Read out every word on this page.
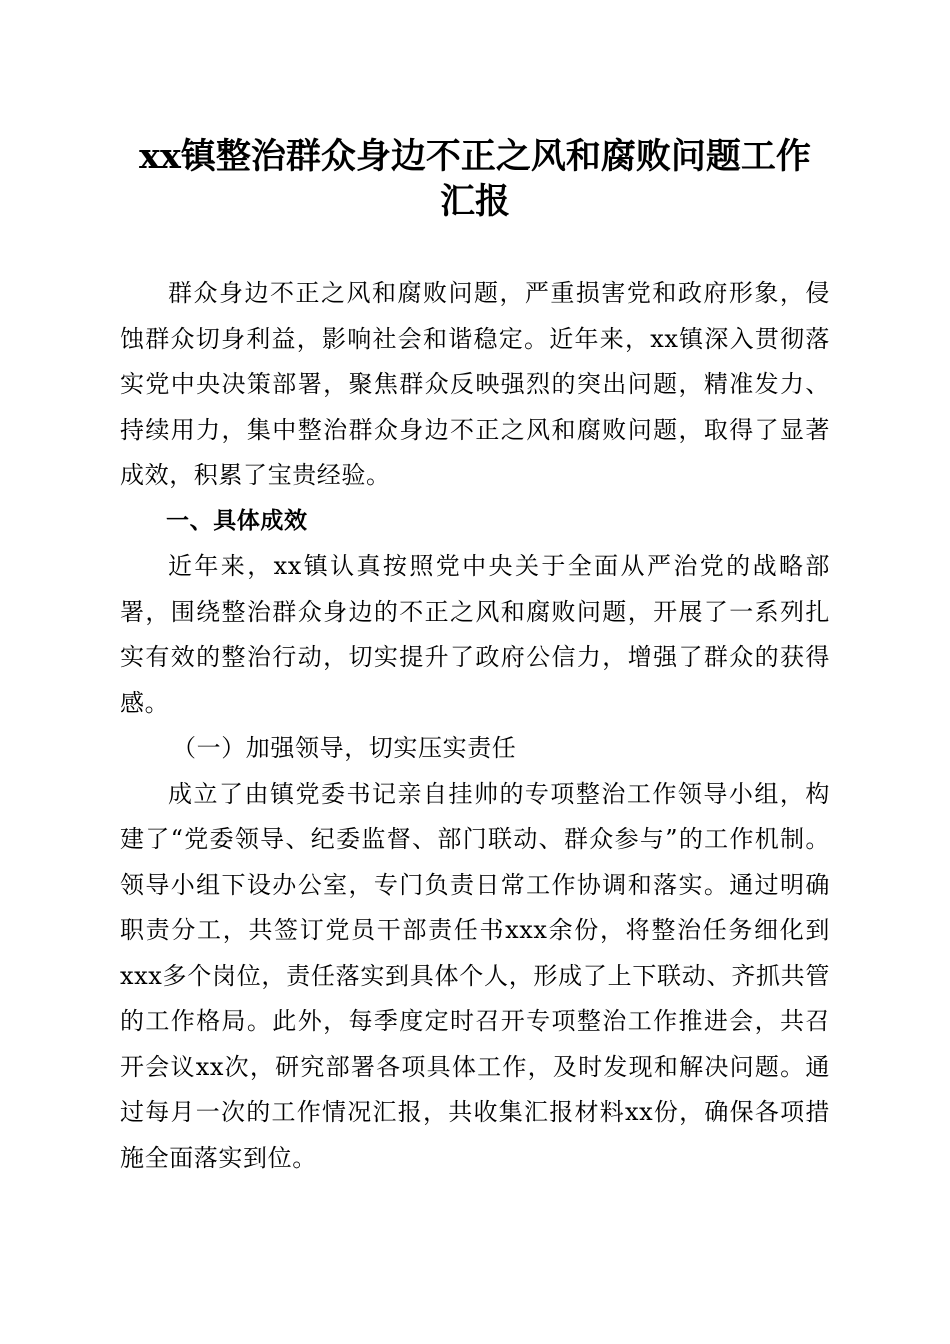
xx镇整治群众身边不正之风和腐败问题工作
汇报

群众身边不正之风和腐败问题，严重损害党和政府形象，侵蚀群众切身利益，影响社会和谐稳定。近年来，xx镇深入贯彻落实党中央决策部署，聚焦群众反映强烈的突出问题，精准发力、持续用力，集中整治群众身边不正之风和腐败问题，取得了显著成效，积累了宝贵经验。

一、具体成效

近年来，xx镇认真按照党中央关于全面从严治党的战略部署，围绕整治群众身边的不正之风和腐败问题，开展了一系列扎实有效的整治行动，切实提升了政府公信力，增强了群众的获得感。

（一）加强领导，切实压实责任

成立了由镇党委书记亲自挂帅的专项整治工作领导小组，构建了“党委领导、纪委监督、部门联动、群众参与”的工作机制。领导小组下设办公室，专门负责日常工作协调和落实。通过明确职责分工，共签订党员干部责任书xxx余份，将整治任务细化到xxx多个岗位，责任落实到具体个人，形成了上下联动、齐抓共管的工作格局。此外，每季度定时召开专项整治工作推进会，共召开会议xx次，研究部署各项具体工作，及时发现和解决问题。通过每月一次的工作情况汇报，共收集汇报材料xx份，确保各项措施全面落实到位。
